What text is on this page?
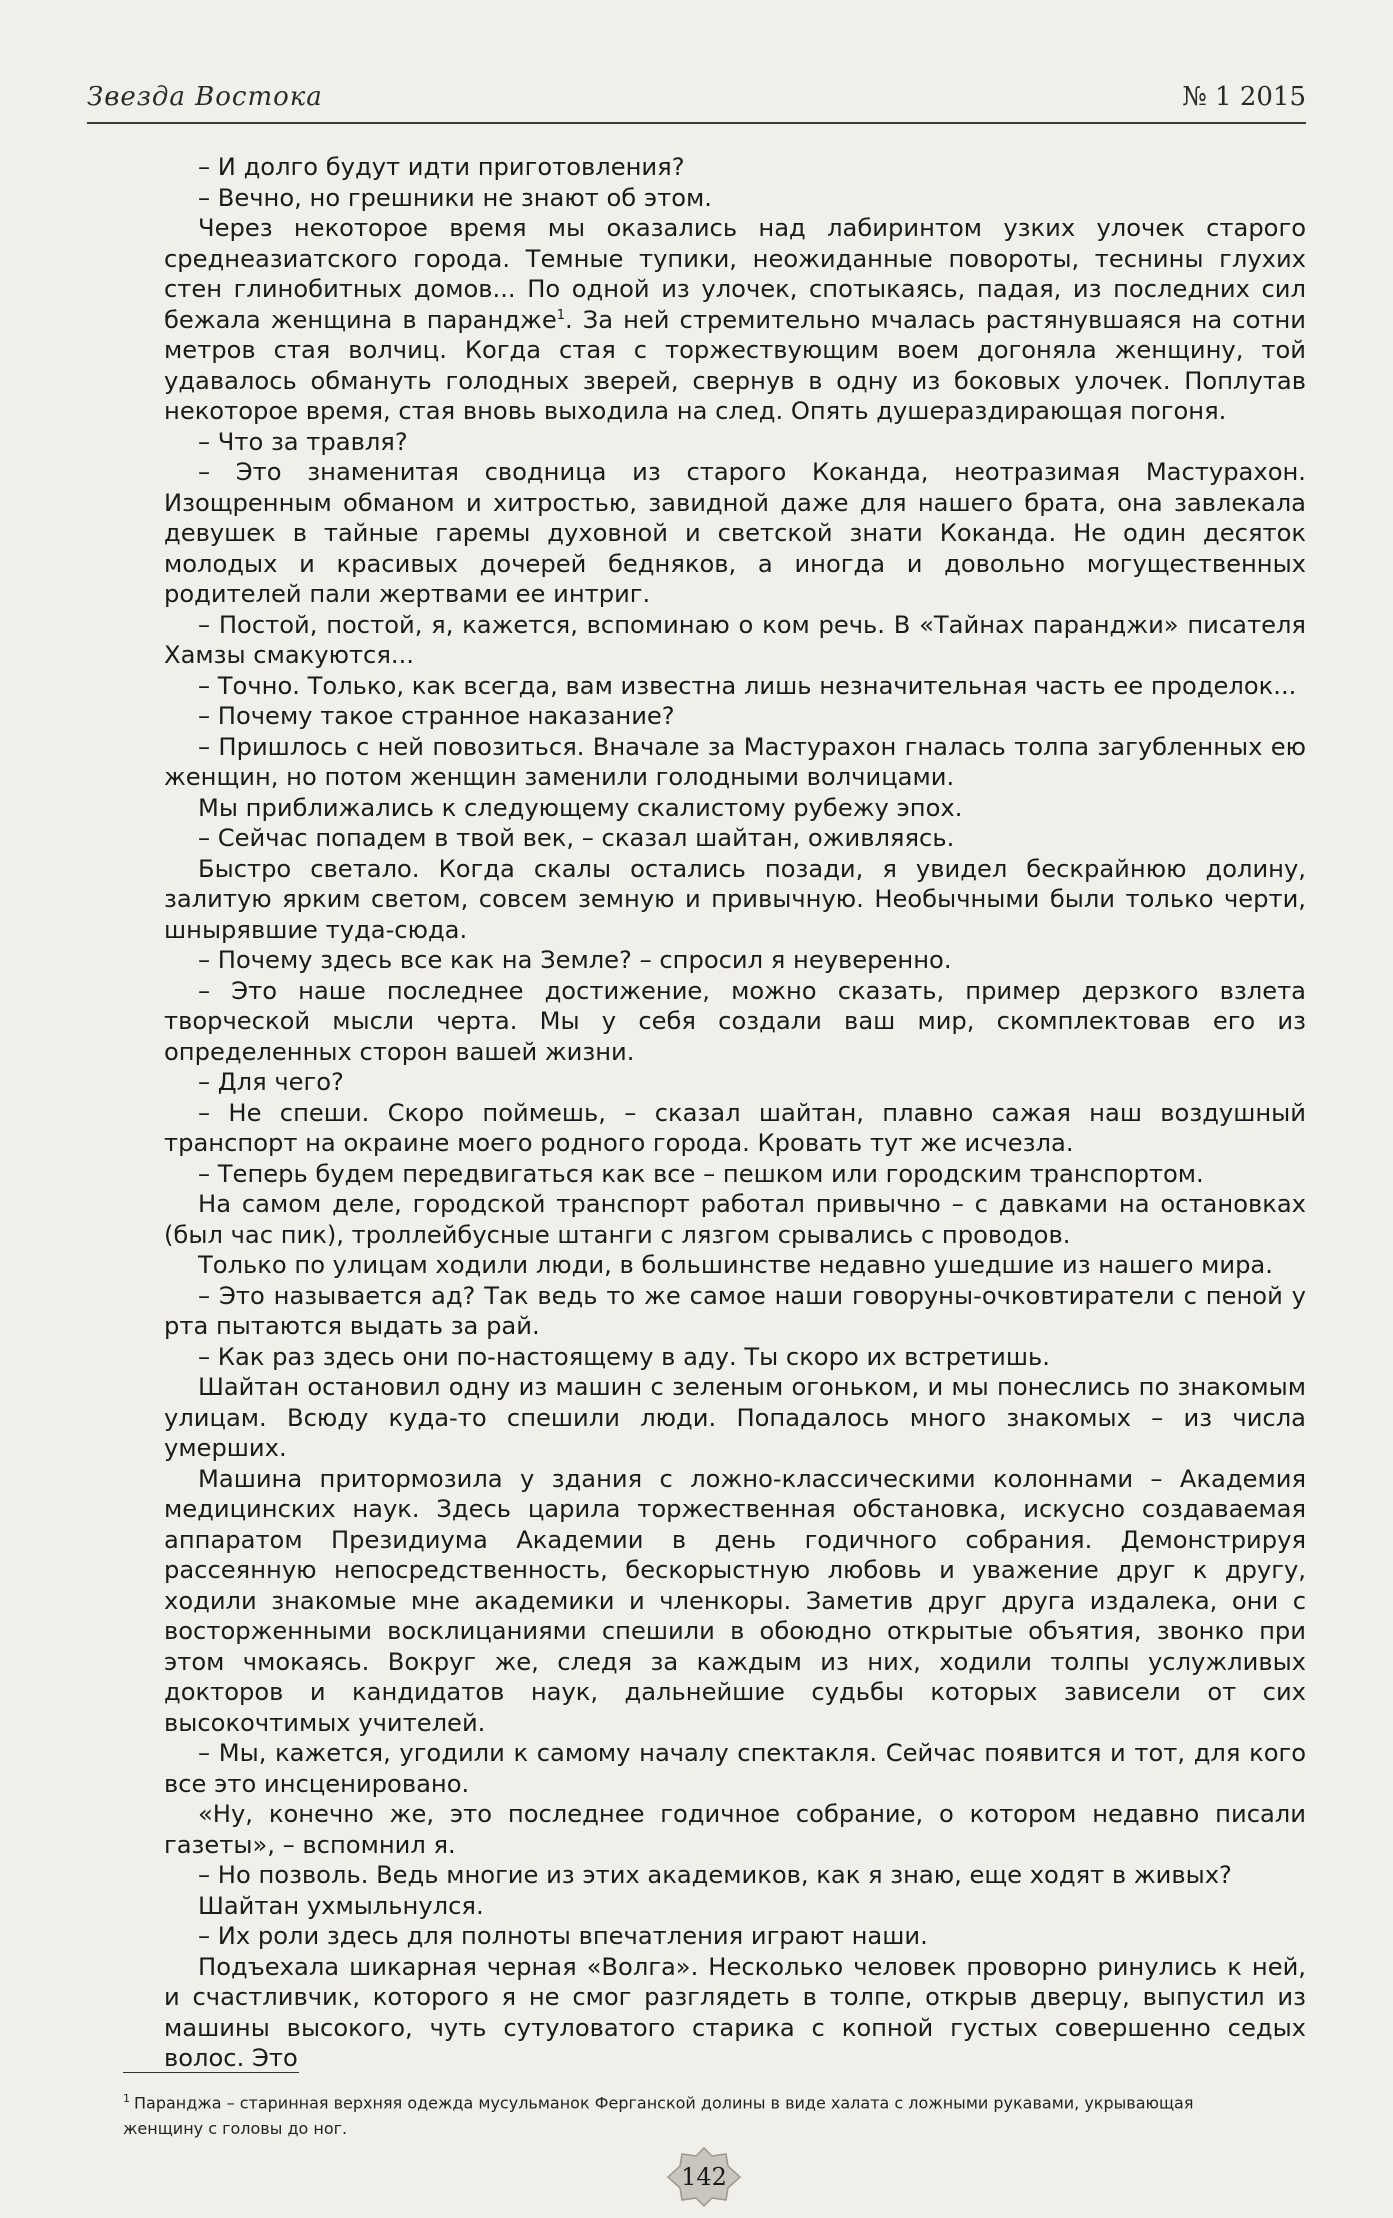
Звезда Востока	№ 1 2015

– И долго будут идти приготовления?

– Вечно, но грешники не знают об этом.

Через некоторое время мы оказались над лабиринтом узких улочек старого среднеазиатского города. Темные тупики, неожиданные повороты, теснины глухих стен глинобитных домов... По одной из улочек, спотыкаясь, падая, из последних сил бежала женщина в парандже$^1$. За ней стремительно мчалась растянувшаяся на сотни метров стая волчиц. Когда стая с торжествующим воем догоняла женщину, той удавалось обмануть голодных зверей, свернув в одну из боковых улочек. Поплутав некоторое время, стая вновь выходила на след. Опять душераздирающая погоня.

– Что за травля?

– Это знаменитая сводница из старого Коканда, неотразимая Мастурахон. Изощренным обманом и хитростью, завидной даже для нашего брата, она завлекала девушек в тайные гаремы духовной и светской знати Коканда. Не один десяток молодых и красивых дочерей бедняков, а иногда и довольно могущественных родителей пали жертвами ее интриг.

– Постой, постой, я, кажется, вспоминаю о ком речь. В «Тайнах паранджи» писателя Хамзы смакуются...

– Точно. Только, как всегда, вам известна лишь незначительная часть ее проделок...

– Почему такое странное наказание?

– Пришлось с ней повозиться. Вначале за Мастурахон гналась толпа загубленных ею женщин, но потом женщин заменили голодными волчицами.

Мы приближались к следующему скалистому рубежу эпох.

– Сейчас попадем в твой век, – сказал шайтан, оживляясь.

Быстро светало. Когда скалы остались позади, я увидел бескрайнюю долину, залитую ярким светом, совсем земную и привычную. Необычными были только черти, шнырявшие туда-сюда.

– Почему здесь все как на Земле? – спросил я неуверенно.

– Это наше последнее достижение, можно сказать, пример дерзкого взлета творческой мысли черта. Мы у себя создали ваш мир, скомплектовав его из определенных сторон вашей жизни.

– Для чего?

– Не спеши. Скоро поймешь, – сказал шайтан, плавно сажая наш воздушный транспорт на окраине моего родного города. Кровать тут же исчезла.

– Теперь будем передвигаться как все – пешком или городским транспортом.

На самом деле, городской транспорт работал привычно – с давками на остановках (был час пик), троллейбусные штанги с лязгом срывались с проводов.

Только по улицам ходили люди, в большинстве недавно ушедшие из нашего мира.

– Это называется ад? Так ведь то же самое наши говоруны-очковтиратели с пеной у рта пытаются выдать за рай.

– Как раз здесь они по-настоящему в аду. Ты скоро их встретишь.

Шайтан остановил одну из машин с зеленым огоньком, и мы понеслись по знакомым улицам. Всюду куда-то спешили люди. Попадалось много знакомых – из числа умерших.

Машина притормозила у здания с ложно-классическими колоннами – Академия медицинских наук. Здесь царила торжественная обстановка, искусно создаваемая аппаратом Президиума Академии в день годичного собрания. Демонстрируя рассеянную непосредственность, бескорыстную любовь и уважение друг к другу, ходили знакомые мне академики и членкоры. Заметив друг друга издалека, они с восторженными восклицаниями спешили в обоюдно открытые объятия, звонко при этом чмокаясь. Вокруг же, следя за каждым из них, ходили толпы услужливых докторов и кандидатов наук, дальнейшие судьбы которых зависели от сих высокочтимых учителей.

– Мы, кажется, угодили к самому началу спектакля. Сейчас появится и тот, для кого все это инсценировано.

«Ну, конечно же, это последнее годичное собрание, о котором недавно писали газеты», – вспомнил я.

– Но позволь. Ведь многие из этих академиков, как я знаю, еще ходят в живых?

Шайтан ухмыльнулся.

– Их роли здесь для полноты впечатления играют наши.

Подъехала шикарная черная «Волга». Несколько человек проворно ринулись к ней, и счастливчик, которого я не смог разглядеть в толпе, открыв дверцу, выпустил из машины высокого, чуть сутуловатого старика с копной густых совершенно седых волос. Это

$^1$ Паранджа – старинная верхняя одежда мусульманок Ферганской долины в виде халата с ложными рукавами, укрывающая женщину с головы до ног.
142
